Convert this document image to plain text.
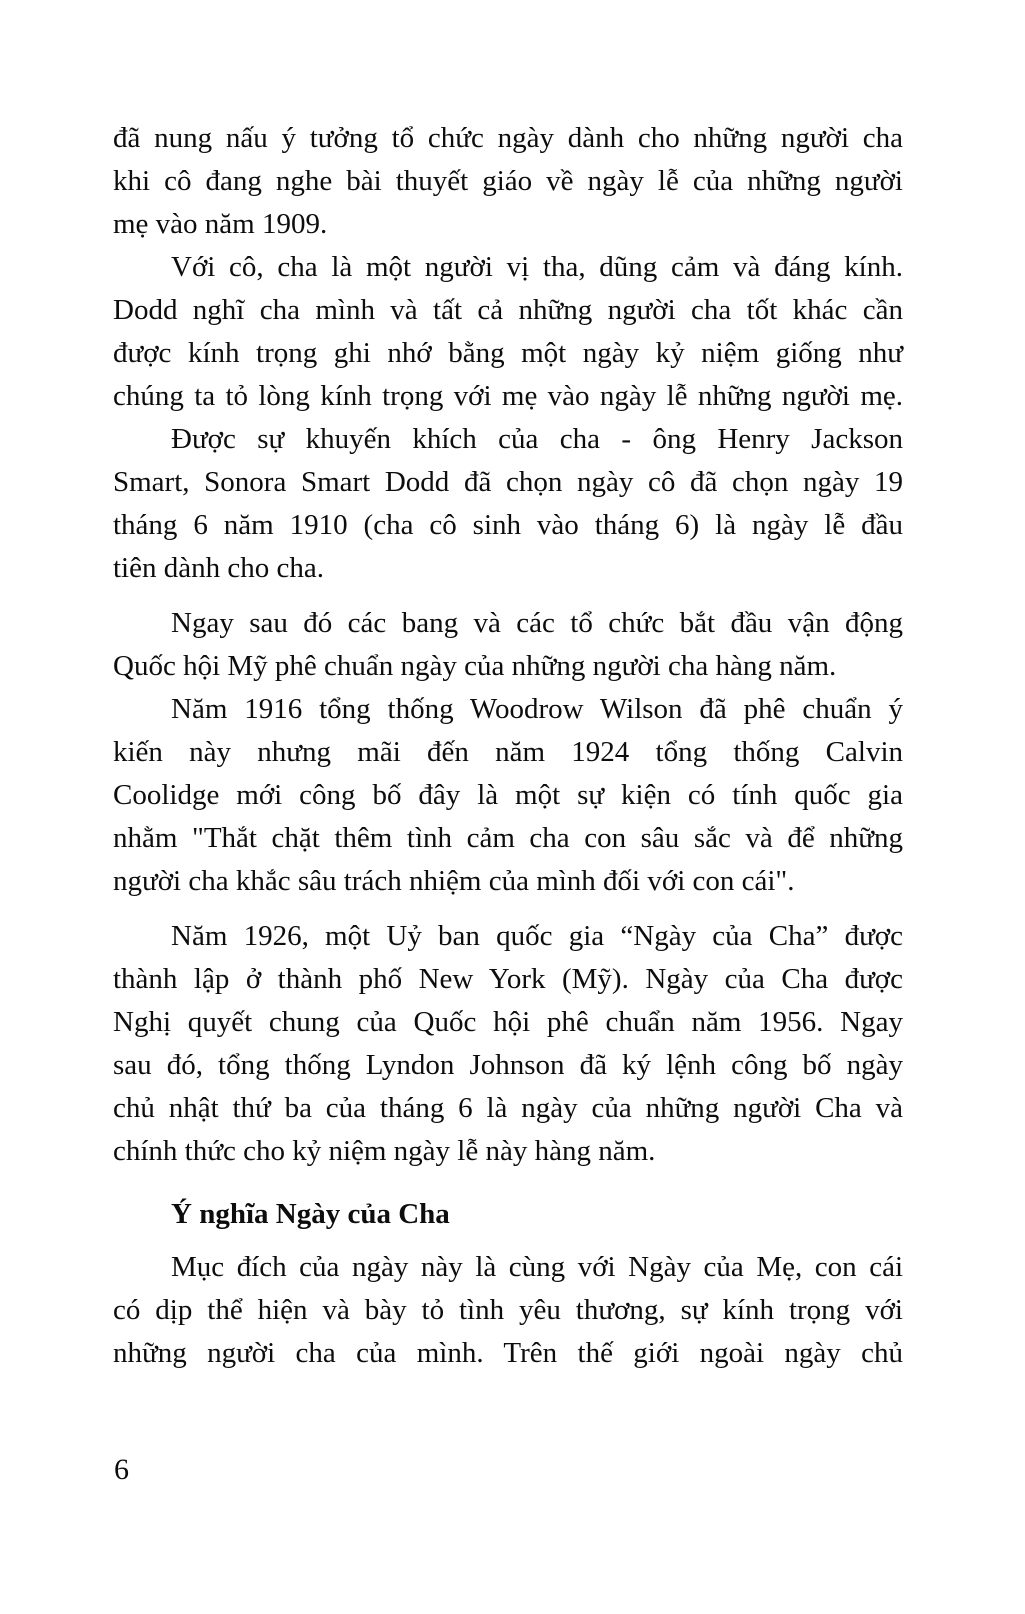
đã nung nấu ý tưởng tổ chức ngày dành cho những người cha
khi cô đang nghe bài thuyết giáo về ngày lễ của những người
mẹ vào năm 1909.
Với cô, cha là một người vị tha, dũng cảm và đáng kính.
Dodd nghĩ cha mình và tất cả những người cha tốt khác cần
được kính trọng ghi nhớ bằng một ngày kỷ niệm giống như
chúng ta tỏ lòng kính trọng với mẹ vào ngày lễ những người mẹ.
Được sự khuyến khích của cha - ông Henry Jackson
Smart, Sonora Smart Dodd đã chọn ngày cô đã chọn ngày 19
tháng 6 năm 1910 (cha cô sinh vào tháng 6) là ngày lễ đầu
tiên dành cho cha.
Ngay sau đó các bang và các tổ chức bắt đầu vận động
Quốc hội Mỹ phê chuẩn ngày của những người cha hàng năm.
Năm 1916 tổng thống Woodrow Wilson đã phê chuẩn ý
kiến này nhưng mãi đến năm 1924 tổng thống Calvin
Coolidge mới công bố đây là một sự kiện có tính quốc gia
nhằm "Thắt chặt thêm tình cảm cha con sâu sắc và để những
người cha khắc sâu trách nhiệm của mình đối với con cái".
Năm 1926, một Uỷ ban quốc gia “Ngày của Cha” được
thành lập ở thành phố New York (Mỹ). Ngày của Cha được
Nghị quyết chung của Quốc hội phê chuẩn năm 1956. Ngay
sau đó, tổng thống Lyndon Johnson đã ký lệnh công bố ngày
chủ nhật thứ ba của tháng 6 là ngày của những người Cha và
chính thức cho kỷ niệm ngày lễ này hàng năm.
Ý nghĩa Ngày của Cha
Mục đích của ngày này là cùng với Ngày của Mẹ, con cái
có dịp thể hiện và bày tỏ tình yêu thương, sự kính trọng với
những người cha của mình. Trên thế giới ngoài ngày chủ
6
